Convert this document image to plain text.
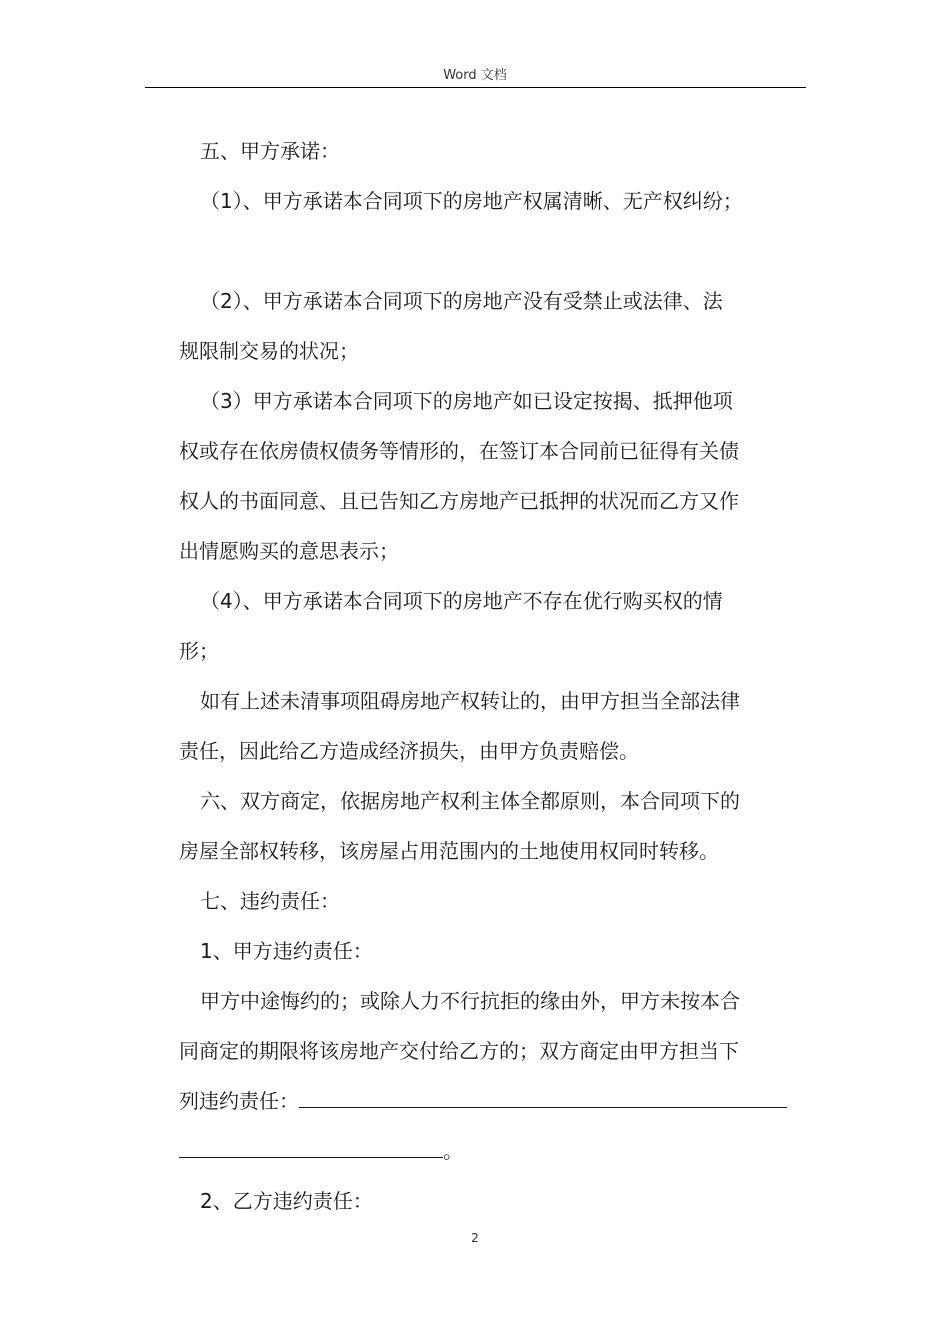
Word 文档
五、甲方承诺：
（1）、甲方承诺本合同项下的房地产权属清晰、无产权纠纷；
（2）、甲方承诺本合同项下的房地产没有受禁止或法律、法
规限制交易的状况；
（3）甲方承诺本合同项下的房地产如已设定按揭、抵押他项
权或存在依房债权债务等情形的，在签订本合同前已征得有关债
权人的书面同意、且已告知乙方房地产已抵押的状况而乙方又作
出情愿购买的意思表示；
（4）、甲方承诺本合同项下的房地产不存在优行购买权的情
形；
如有上述未清事项阻碍房地产权转让的，由甲方担当全部法律
责任，因此给乙方造成经济损失，由甲方负责赔偿。
六、双方商定，依据房地产权利主体全都原则，本合同项下的
房屋全部权转移，该房屋占用范围内的土地使用权同时转移。
七、违约责任：
1、甲方违约责任：
甲方中途悔约的；或除人力不行抗拒的缘由外，甲方未按本合
同商定的期限将该房地产交付给乙方的；双方商定由甲方担当下
列违约责任：
。
2、乙方违约责任：
2
